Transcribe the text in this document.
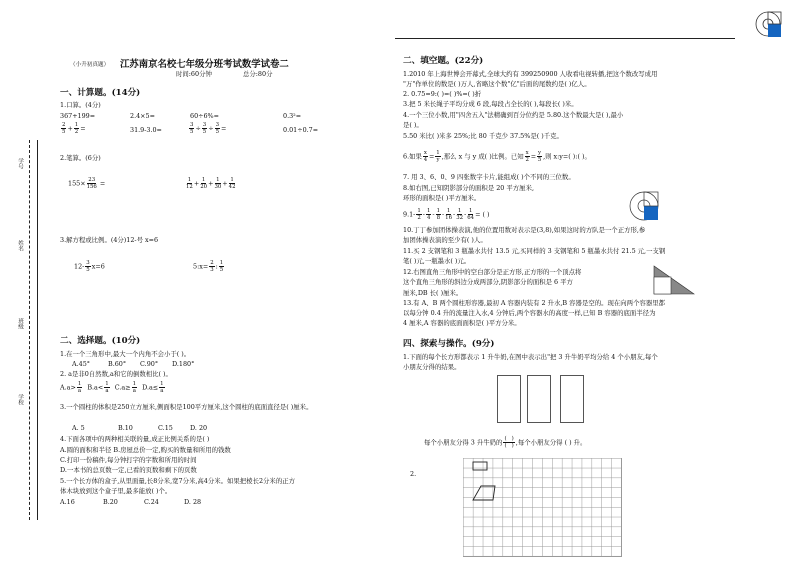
学号
姓名
班级
学校
（小升初真题） 江苏南京名校七年级分班考试数学试卷二
时间:60分钟	总分:80分
一、计算题。(14分)
1.口算。(4分)
367+199=	2.4×5=	60÷6%=	0.3²=
$\frac{2}{5} + \frac{1}{2}$ =	31.9-3.0=	$\frac{3}{5} \div \frac{3}{5} \div \frac{3}{5}$ =	0.01÷0.7=
2.笔算。(6分)
$155\times \frac{23}{156}$ =	$\frac{1}{12} + \frac{1}{20} + \frac{1}{30} + \frac{1}{42}$
3.解方程或比例。(4分)12-号 x=6
$12- \frac{3}{5} x=6$	5:x= $\frac{2}{3}$ : $\frac{1}{5}$
二、选择题。(10分)
1.在一个三角形中,最大一个内角不会小于( )。
A.45°	B.60° C.90° D.180°
2. a是非0自然数,a和它的倒数相比( )。
$A.a> \frac{1}{a} B.a< \frac{1}{a} C.a\ge \frac{1}{a} D.a\le \frac{1}{a}$
3.一个圆柱的体积是250立方厘米,侧面积是100平方厘米,这个圆柱的底面直径是( )厘米。
A. 5	B.10	C.15	D. 20
4.下面各项中的两种相关联的量,成正比例关系的是( )
A.圆的面积和半径 B.房屋总价一定,购买的数量和所用的钱数
C.打印一份稿件,每分钟打字的字数和所用的时间
D.一本书的总页数一定,已看的页数和剩下的页数
5.一个长方体的盒子,从里面量,长8分米,宽7分米,高4分米。如果把棱长2分米的正方
体木块放到这个盒子里,最多能放( )个。
A.16	B.20	C.24	D. 28
二、填空题。(22分)
1.2010 年上海世博会开幕式,全球大约有 399250900 人收看电视转播,把这个数改写成用
"万"作单位的数是( )万人,省略这个数"亿"后面的尾数约是( )亿人。
2. 0.75=9:( )=( )%=( )折
3.把 5 米长绳子平均分成 6 段,每段占全长的( ),每段长( )米。
4.一个三位小数,用"四舍五入"法精确到百分位约是 5.80.这个数最大是( ),最小
是( )。
5.50 米比( )米多 25%;比 80 千克少 37.5%是( )千克。
6.如果 $\frac{x}{4} = \frac{1}{y}$ ,那么 x 与 y 成( )比例。已知 $\frac{x}{2} = \frac{y}{5}$ ,则 x:y=( ):( )。
7. 用 3、6、0、9 四张数字卡片,能组成( )个不同的三位数。
8.如右图,已知阴影部分的面积是 20 平方厘米,
环形的面积是( )平方厘米。
$9.1- \frac{1}{2} - \frac{1}{4} - \frac{1}{8} - \frac{1}{16} - \frac{1}{32} - \frac{1}{64}$ = ( )
10.丁丁参加团体操表演,他的位置用数对表示是(3,8),如果这时的方队是一个正方形,参
加团体操表演的至少有( )人。
11.买 2 支钢笔和 3 瓶墨水共付 13.5 元,买同样的 3 支钢笔和 5 瓶墨水共付 21.5 元,一支钢
笔( )元,一瓶墨水( )元。
12.右图直角三角形中的空白部分是正方形,正方形的一个顶点将
这个直角三角形的斜边分成两部分,阴影部分的面积是 6 平方
厘米,DB 长( )厘米。
13.有 A、B 两个圆柱形容器,最初 A 容器内装有 2 升水,B 容器是空的。现在向两个容器里都
以每分钟 0.4 升的流量注入水,4 分钟后,两个容器水的高度一样,已知 B 容器的底面半径为
4 厘米,A 容器的底面面积是( )平方分米。
四、探索与操作。(9分)
1.下面的每个长方形都表示 1 升牛奶,在图中表示出"把 3 升牛奶平均分给 4 个小朋友,每个
小朋友分得的结果。
每个小朋友分得 3 升牛奶的 $\frac{( )}{( )}$ ,每个小朋友分得 ( ) 升。
2.
